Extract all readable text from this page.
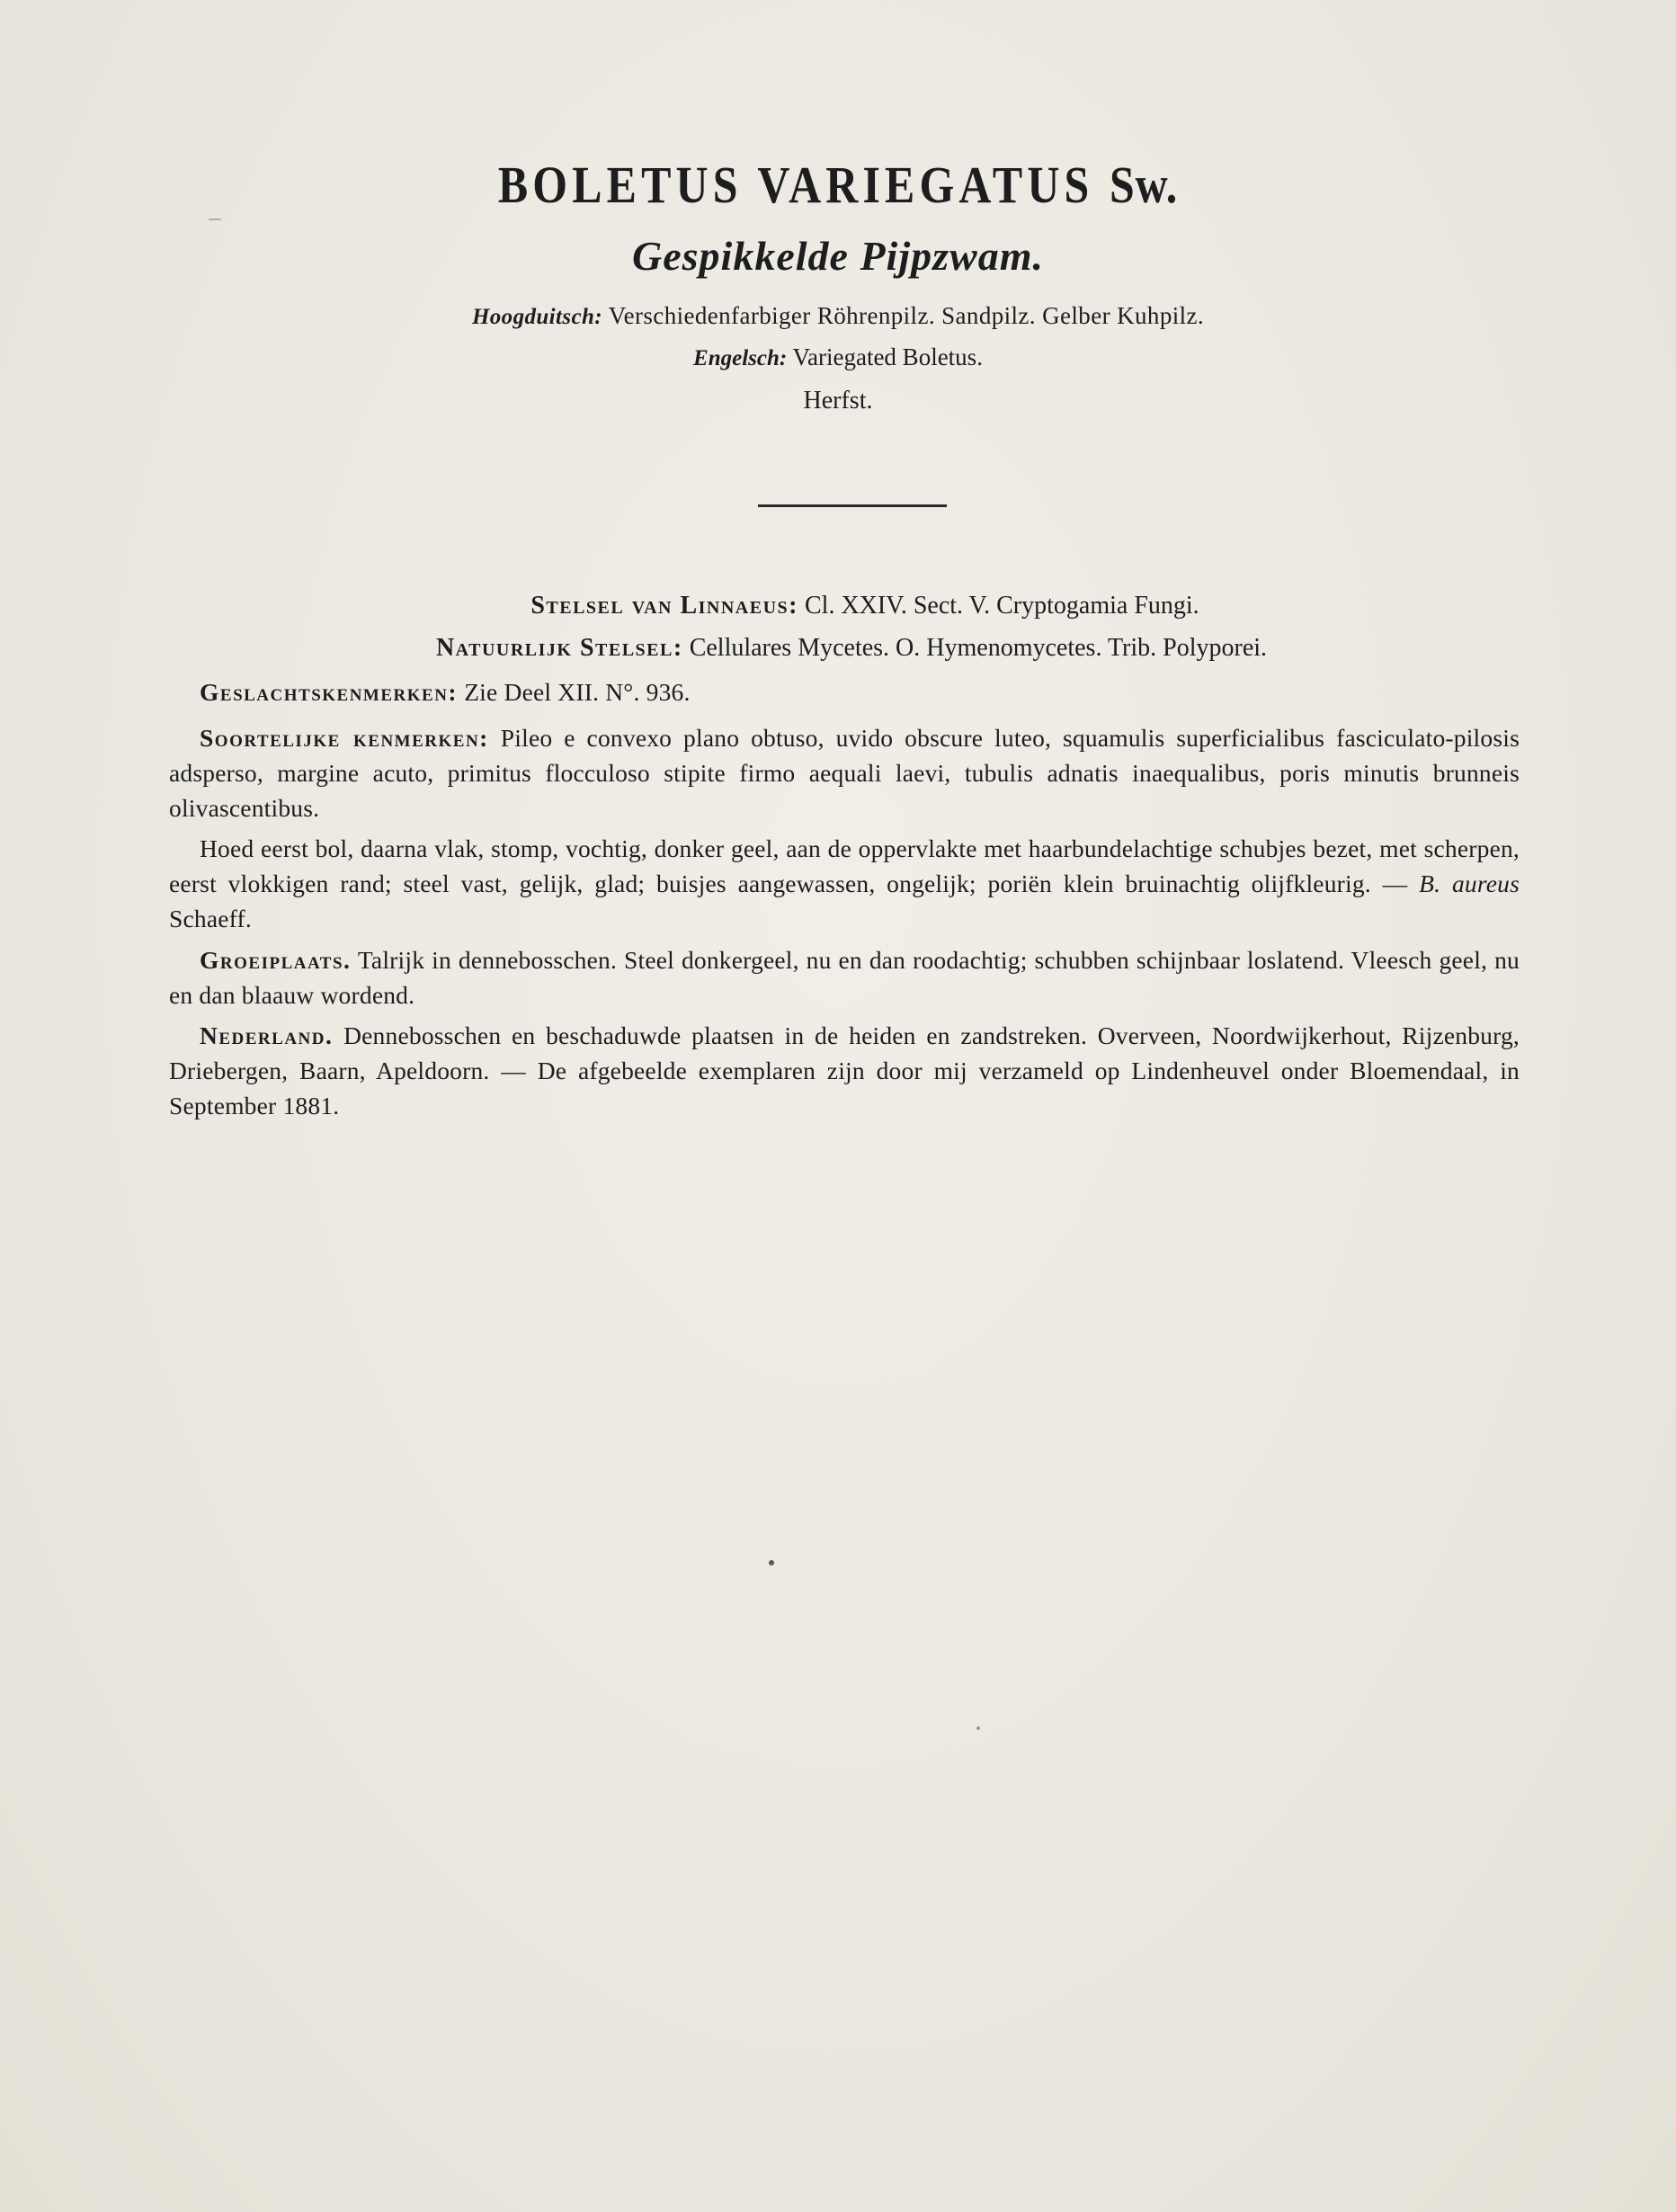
BOLETUS VARIEGATUS Sw.
Gespikkelde Pijpzwam.
Hoogduitsch: Verschiedenfarbiger Röhrenpilz. Sandpilz. Gelber Kuhpilz.
Engelsch: Variegated Boletus.
Herfst.
Stelsel van Linnaeus: Cl. XXIV. Sect. V. Cryptogamia Fungi.
Natuurlijk Stelsel: Cellulares Mycetes. O. Hymenomycetes. Trib. Polyporei.
Geslachtskenmerken: Zie Deel XII. N°. 936.
Soortelijke kenmerken: Pileo e convexo plano obtuso, uvido obscure luteo, squamulis superficialibus fasciculato-pilosis adsperso, margine acuto, primitus flocculoso stipite firmo aequali laevi, tubulis adnatis inaequalibus, poris minutis brunneis olivascentibus.
Hoed eerst bol, daarna vlak, stomp, vochtig, donker geel, aan de oppervlakte met haarbundelachtige schubjes bezet, met scherpen, eerst vlokkigen rand; steel vast, gelijk, glad; buisjes aangewassen, ongelijk; poriën klein bruinachtig olijfkleurig. — B. aureus Schaeff.
Groeiplaats. Talrijk in dennebosschen. Steel donkergeel, nu en dan roodachtig; schubben schijnbaar loslatend. Vleesch geel, nu en dan blaauw wordend.
Nederland. Dennebosschen en beschaduwde plaatsen in de heiden en zandstreken. Overveen, Noordwijkerhout, Rijzenburg, Driebergen, Baarn, Apeldoorn. — De afgebeelde exemplaren zijn door mij verzameld op Lindenheuvel onder Bloemendaal, in September 1881.
